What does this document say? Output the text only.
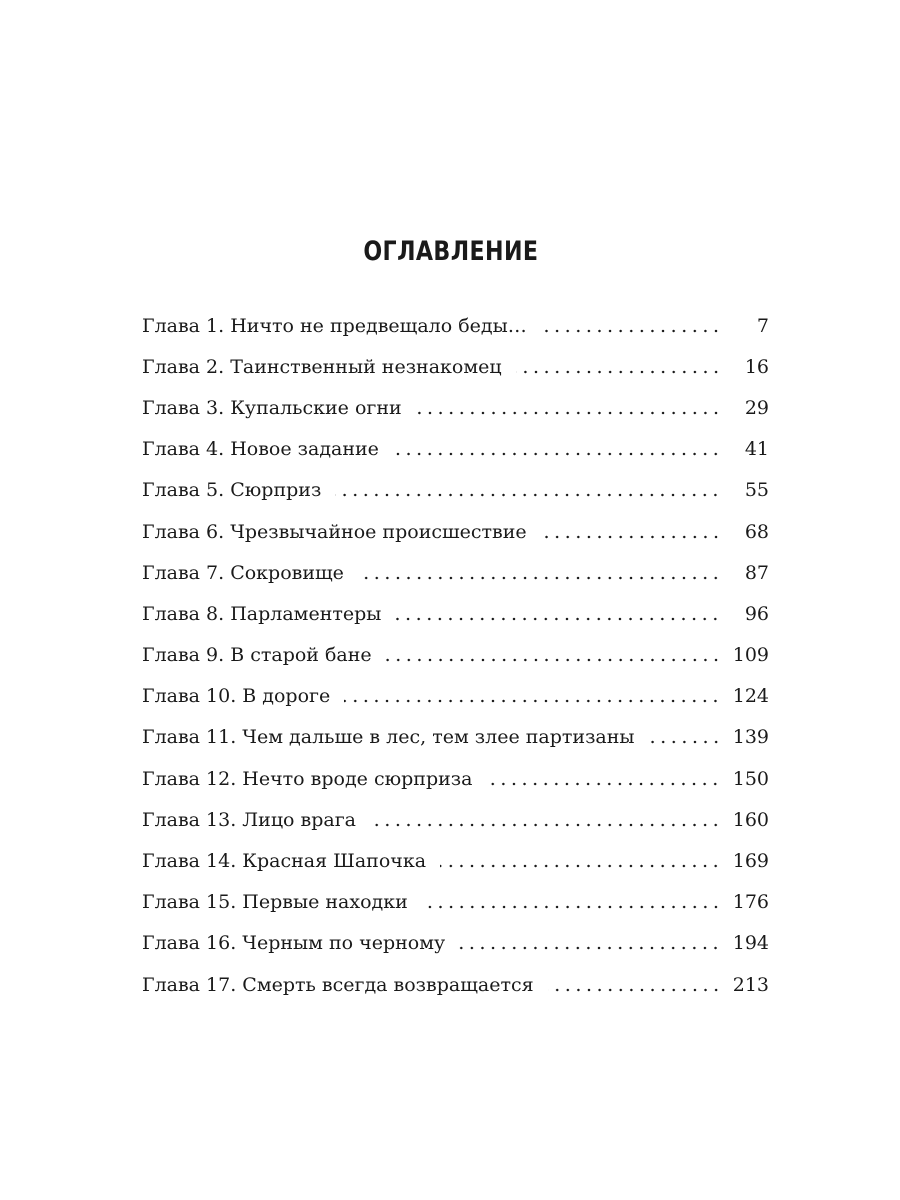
ОГЛАВЛЕНИЕ
Глава 1. Ничто не предвещало беды…	7
Глава 2. Таинственный незнакомец	16
Глава 3. Купальские огни	29
Глава 4. Новое задание	41
Глава 5. Сюрприз	55
Глава 6. Чрезвычайное происшествие	68
Глава 7. Сокровище	87
Глава 8. Парламентеры	96
Глава 9. В старой бане	109
Глава 10. В дороге	124
Глава 11. Чем дальше в лес, тем злее партизаны	139
Глава 12. Нечто вроде сюрприза	150
Глава 13. Лицо врага	160
Глава 14. Красная Шапочка	169
Глава 15. Первые находки	176
Глава 16. Черным по черному	194
Глава 17. Смерть всегда возвращается	213
